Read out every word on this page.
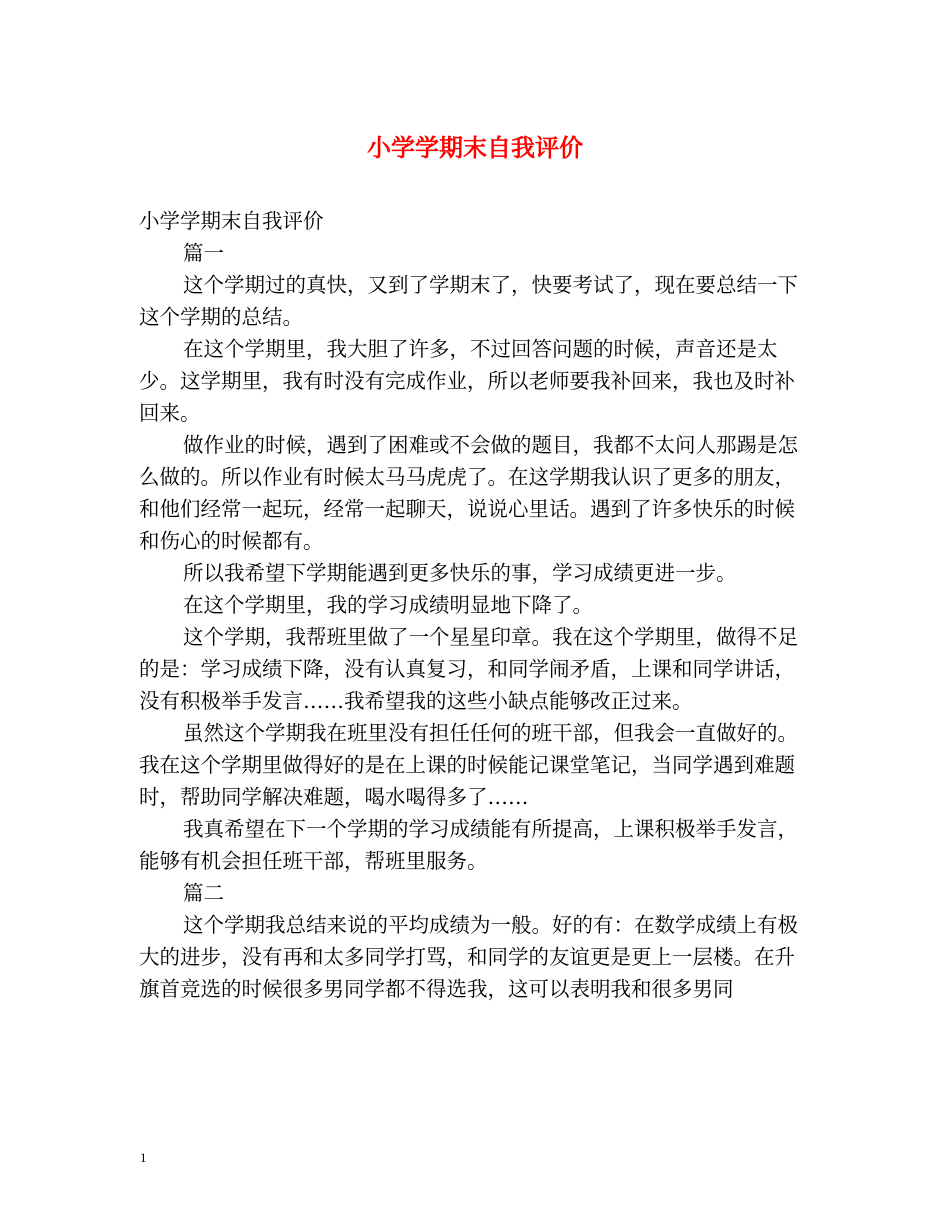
小学学期末自我评价

小学学期末自我评价

篇一

这个学期过的真快，又到了学期末了，快要考试了，现在要总结一下这个学期的总结。

在这个学期里，我大胆了许多，不过回答问题的时候，声音还是太少。这学期里，我有时没有完成作业，所以老师要我补回来，我也及时补回来。

做作业的时候，遇到了困难或不会做的题目，我都不太问人那踢是怎么做的。所以作业有时候太马马虎虎了。在这学期我认识了更多的朋友，和他们经常一起玩，经常一起聊天，说说心里话。遇到了许多快乐的时候和伤心的时候都有。

所以我希望下学期能遇到更多快乐的事，学习成绩更进一步。

在这个学期里，我的学习成绩明显地下降了。

这个学期，我帮班里做了一个星星印章。我在这个学期里，做得不足的是：学习成绩下降，没有认真复习，和同学闹矛盾，上课和同学讲话，没有积极举手发言……我希望我的这些小缺点能够改正过来。

虽然这个学期我在班里没有担任任何的班干部，但我会一直做好的。我在这个学期里做得好的是在上课的时候能记课堂笔记，当同学遇到难题时，帮助同学解决难题，喝水喝得多了……

我真希望在下一个学期的学习成绩能有所提高，上课积极举手发言，能够有机会担任班干部，帮班里服务。

篇二

这个学期我总结来说的平均成绩为一般。好的有：在数学成绩上有极大的进步，没有再和太多同学打骂，和同学的友谊更是更上一层楼。在升旗首竞选的时候很多男同学都不得选我，这可以表明我和很多男同

1
